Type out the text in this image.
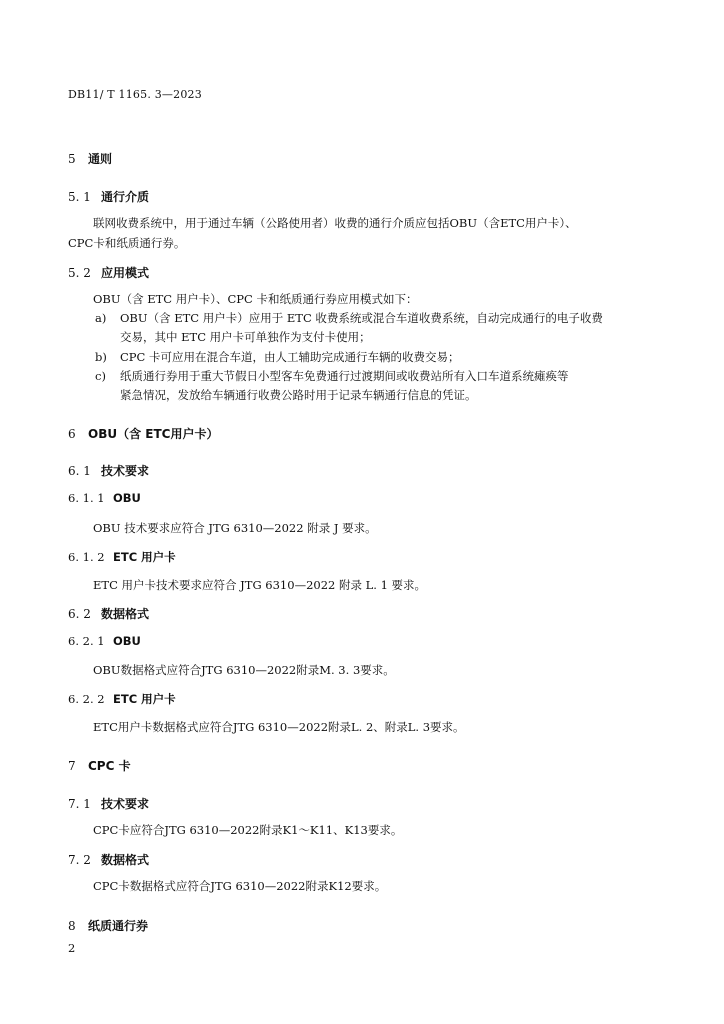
DB11/ T 1165. 3—2023
5 通则
5. 1 通行介质
联网收费系统中，用于通过车辆（公路使用者）收费的通行介质应包括OBU（含ETC用户卡）、
CPC卡和纸质通行券。
5. 2 应用模式
OBU（含 ETC 用户卡）、CPC 卡和纸质通行券应用模式如下：
a) OBU（含 ETC 用户卡）应用于 ETC 收费系统或混合车道收费系统，自动完成通行的电子收费
交易，其中 ETC 用户卡可单独作为支付卡使用；
b) CPC 卡可应用在混合车道，由人工辅助完成通行车辆的收费交易；
c) 纸质通行券用于重大节假日小型客车免费通行过渡期间或收费站所有入口车道系统瘫痪等
紧急情况，发放给车辆通行收费公路时用于记录车辆通行信息的凭证。
6 OBU（含 ETC用户卡）
6. 1 技术要求
6. 1. 1 OBU
OBU 技术要求应符合 JTG 6310—2022 附录 J 要求。
6. 1. 2 ETC 用户卡
ETC 用户卡技术要求应符合 JTG 6310—2022 附录 L. 1 要求。
6. 2 数据格式
6. 2. 1 OBU
OBU数据格式应符合JTG 6310—2022附录M. 3. 3要求。
6. 2. 2 ETC 用户卡
ETC用户卡数据格式应符合JTG 6310—2022附录L. 2、附录L. 3要求。
7 CPC 卡
7. 1 技术要求
CPC卡应符合JTG 6310—2022附录K1～K11、K13要求。
7. 2 数据格式
CPC卡数据格式应符合JTG 6310—2022附录K12要求。
8 纸质通行券
2
